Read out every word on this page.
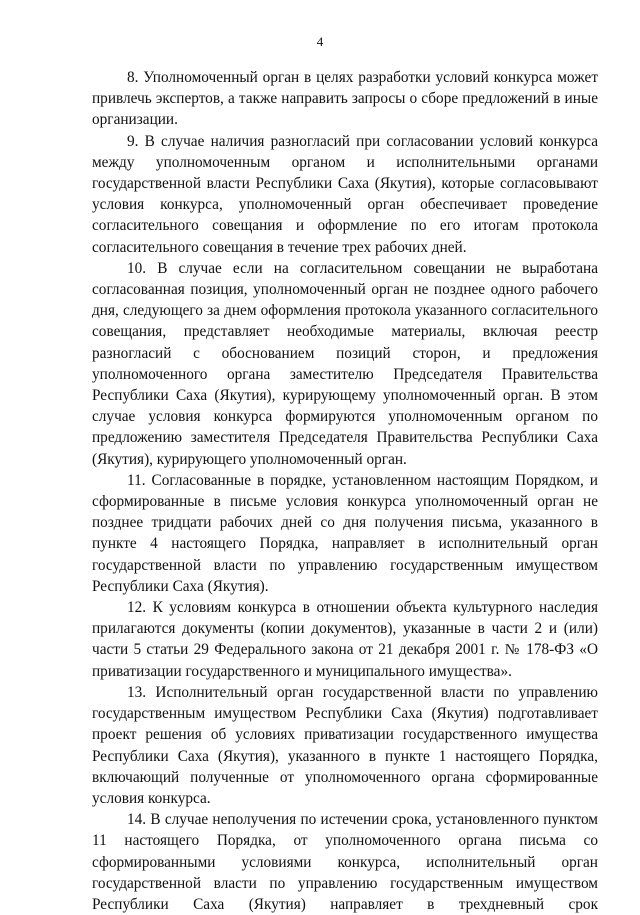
4

8. Уполномоченный орган в целях разработки условий конкурса может привлечь экспертов, а также направить запросы о сборе предложений в иные организации.

9. В случае наличия разногласий при согласовании условий конкурса между уполномоченным органом и исполнительными органами государственной власти Республики Саха (Якутия), которые согласовывают условия конкурса, уполномоченный орган обеспечивает проведение согласительного совещания и оформление по его итогам протокола согласительного совещания в течение трех рабочих дней.

10. В случае если на согласительном совещании не выработана согласованная позиция, уполномоченный орган не позднее одного рабочего дня, следующего за днем оформления протокола указанного согласительного совещания, представляет необходимые материалы, включая реестр разногласий с обоснованием позиций сторон, и предложения уполномоченного органа заместителю Председателя Правительства Республики Саха (Якутия), курирующему уполномоченный орган. В этом случае условия конкурса формируются уполномоченным органом по предложению заместителя Председателя Правительства Республики Саха (Якутия), курирующего уполномоченный орган.

11. Согласованные в порядке, установленном настоящим Порядком, и сформированные в письме условия конкурса уполномоченный орган не позднее тридцати рабочих дней со дня получения письма, указанного в пункте 4 настоящего Порядка, направляет в исполнительный орган государственной власти по управлению государственным имуществом Республики Саха (Якутия).

12. К условиям конкурса в отношении объекта культурного наследия прилагаются документы (копии документов), указанные в части 2 и (или) части 5 статьи 29 Федерального закона от 21 декабря 2001 г. № 178-ФЗ «О приватизации государственного и муниципального имущества».

13. Исполнительный орган государственной власти по управлению государственным имуществом Республики Саха (Якутия) подготавливает проект решения об условиях приватизации государственного имущества Республики Саха (Якутия), указанного в пункте 1 настоящего Порядка, включающий полученные от уполномоченного органа сформированные условия конкурса.

14. В случае неполучения по истечении срока, установленного пунктом 11 настоящего Порядка, от уполномоченного органа письма со сформированными условиями конкурса, исполнительный орган государственной власти по управлению государственным имуществом Республики Саха (Якутия) направляет в трехдневный срок
